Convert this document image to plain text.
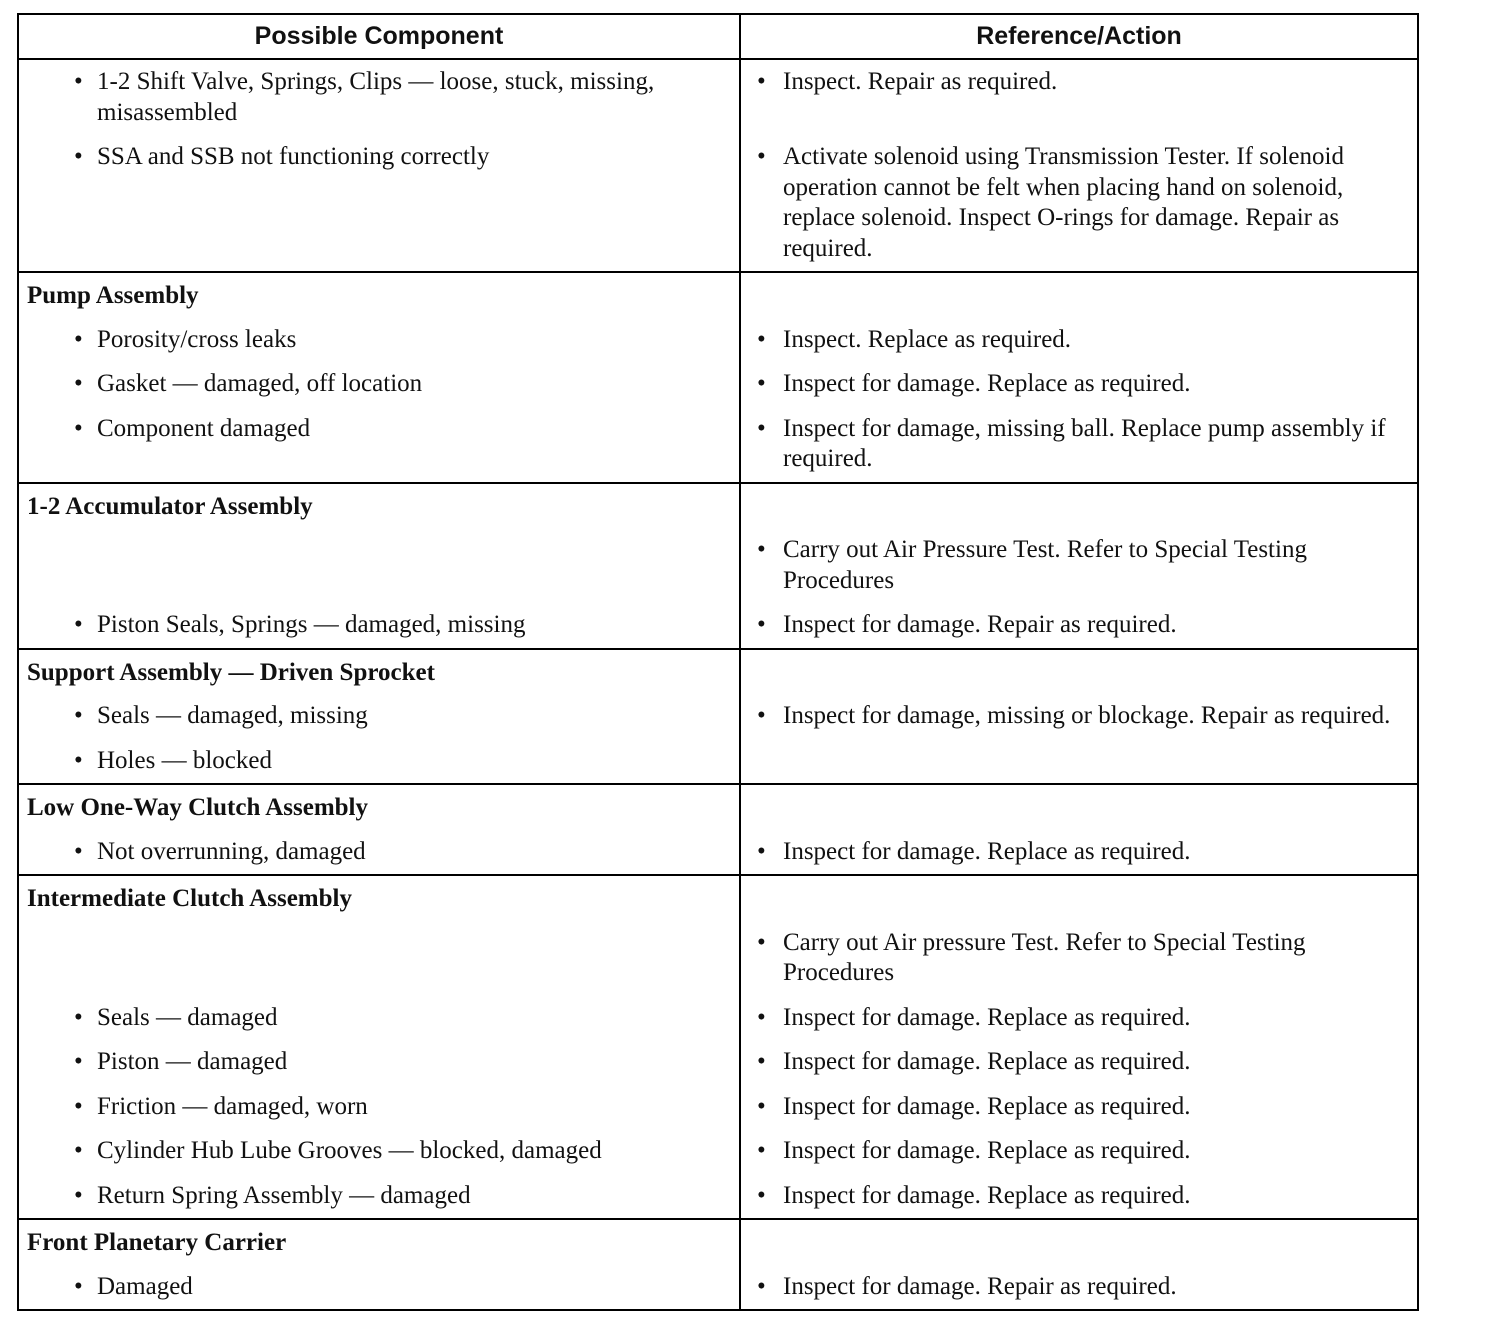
Possible Component	Reference/Action

• 1-2 Shift Valve, Springs, Clips — loose, stuck, missing, misassembled	• Inspect. Repair as required.

• SSA and SSB not functioning correctly	• Activate solenoid using Transmission Tester. If solenoid operation cannot be felt when placing hand on solenoid, replace solenoid. Inspect O-rings for damage. Repair as required.

Pump Assembly	

• Porosity/cross leaks	• Inspect. Replace as required.

• Gasket — damaged, off location	• Inspect for damage. Replace as required.

• Component damaged	• Inspect for damage, missing ball. Replace pump assembly if required.

1-2 Accumulator Assembly	

	• Carry out Air Pressure Test. Refer to Special Testing Procedures

• Piston Seals, Springs — damaged, missing	• Inspect for damage. Repair as required.

Support Assembly — Driven Sprocket	

• Seals — damaged, missing	• Inspect for damage, missing or blockage. Repair as required.

• Holes — blocked	

Low One-Way Clutch Assembly	

• Not overrunning, damaged	• Inspect for damage. Replace as required.

Intermediate Clutch Assembly	

	• Carry out Air pressure Test. Refer to Special Testing Procedures

• Seals — damaged	• Inspect for damage. Replace as required.

• Piston — damaged	• Inspect for damage. Replace as required.

• Friction — damaged, worn	• Inspect for damage. Replace as required.

• Cylinder Hub Lube Grooves — blocked, damaged	• Inspect for damage. Replace as required.

• Return Spring Assembly — damaged	• Inspect for damage. Replace as required.

Front Planetary Carrier	

• Damaged	• Inspect for damage. Repair as required.
